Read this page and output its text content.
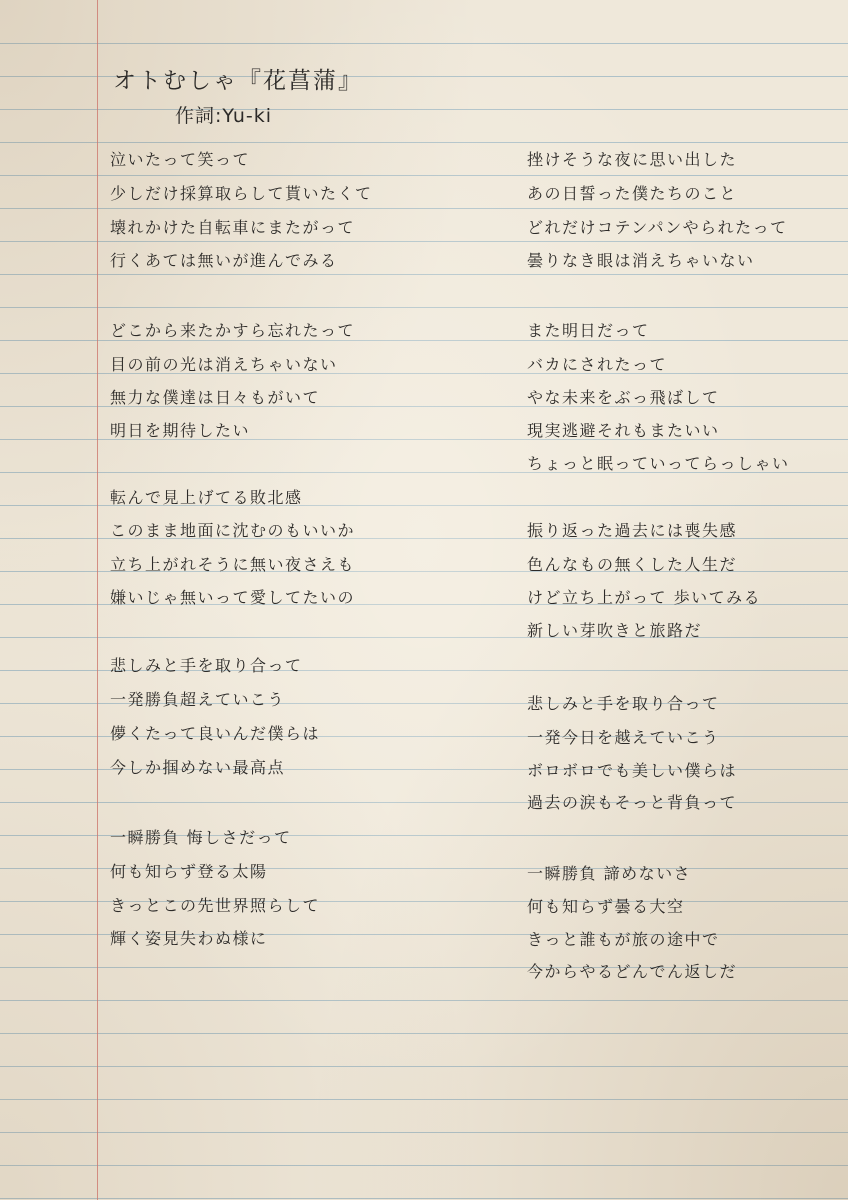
オトむしゃ『花菖蒲』
作詞:Yu-ki
泣いたって笑って
少しだけ採算取らして貰いたくて
壊れかけた自転車にまたがって
行くあては無いが進んでみる
どこから来たかすら忘れたって
目の前の光は消えちゃいない
無力な僕達は日々もがいて
明日を期待したい
転んで見上げてる敗北感
このまま地面に沈むのもいいか
立ち上がれそうに無い夜さえも
嫌いじゃ無いって愛してたいの
悲しみと手を取り合って
一発勝負超えていこう
儚くたって良いんだ僕らは
今しか掴めない最高点
一瞬勝負 悔しさだって
何も知らず登る太陽
きっとこの先世界照らして
輝く姿見失わぬ様に
挫けそうな夜に思い出した
あの日誓った僕たちのこと
どれだけコテンパンやられたって
曇りなき眼は消えちゃいない
また明日だって
バカにされたって
やな未来をぶっ飛ばして
現実逃避それもまたいい
ちょっと眠っていってらっしゃい
振り返った過去には喪失感
色んなもの無くした人生だ
けど立ち上がって 歩いてみる
新しい芽吹きと旅路だ
悲しみと手を取り合って
一発今日を越えていこう
ボロボロでも美しい僕らは
過去の涙もそっと背負って
一瞬勝負 諦めないさ
何も知らず曇る大空
きっと誰もが旅の途中で
今からやるどんでん返しだ
